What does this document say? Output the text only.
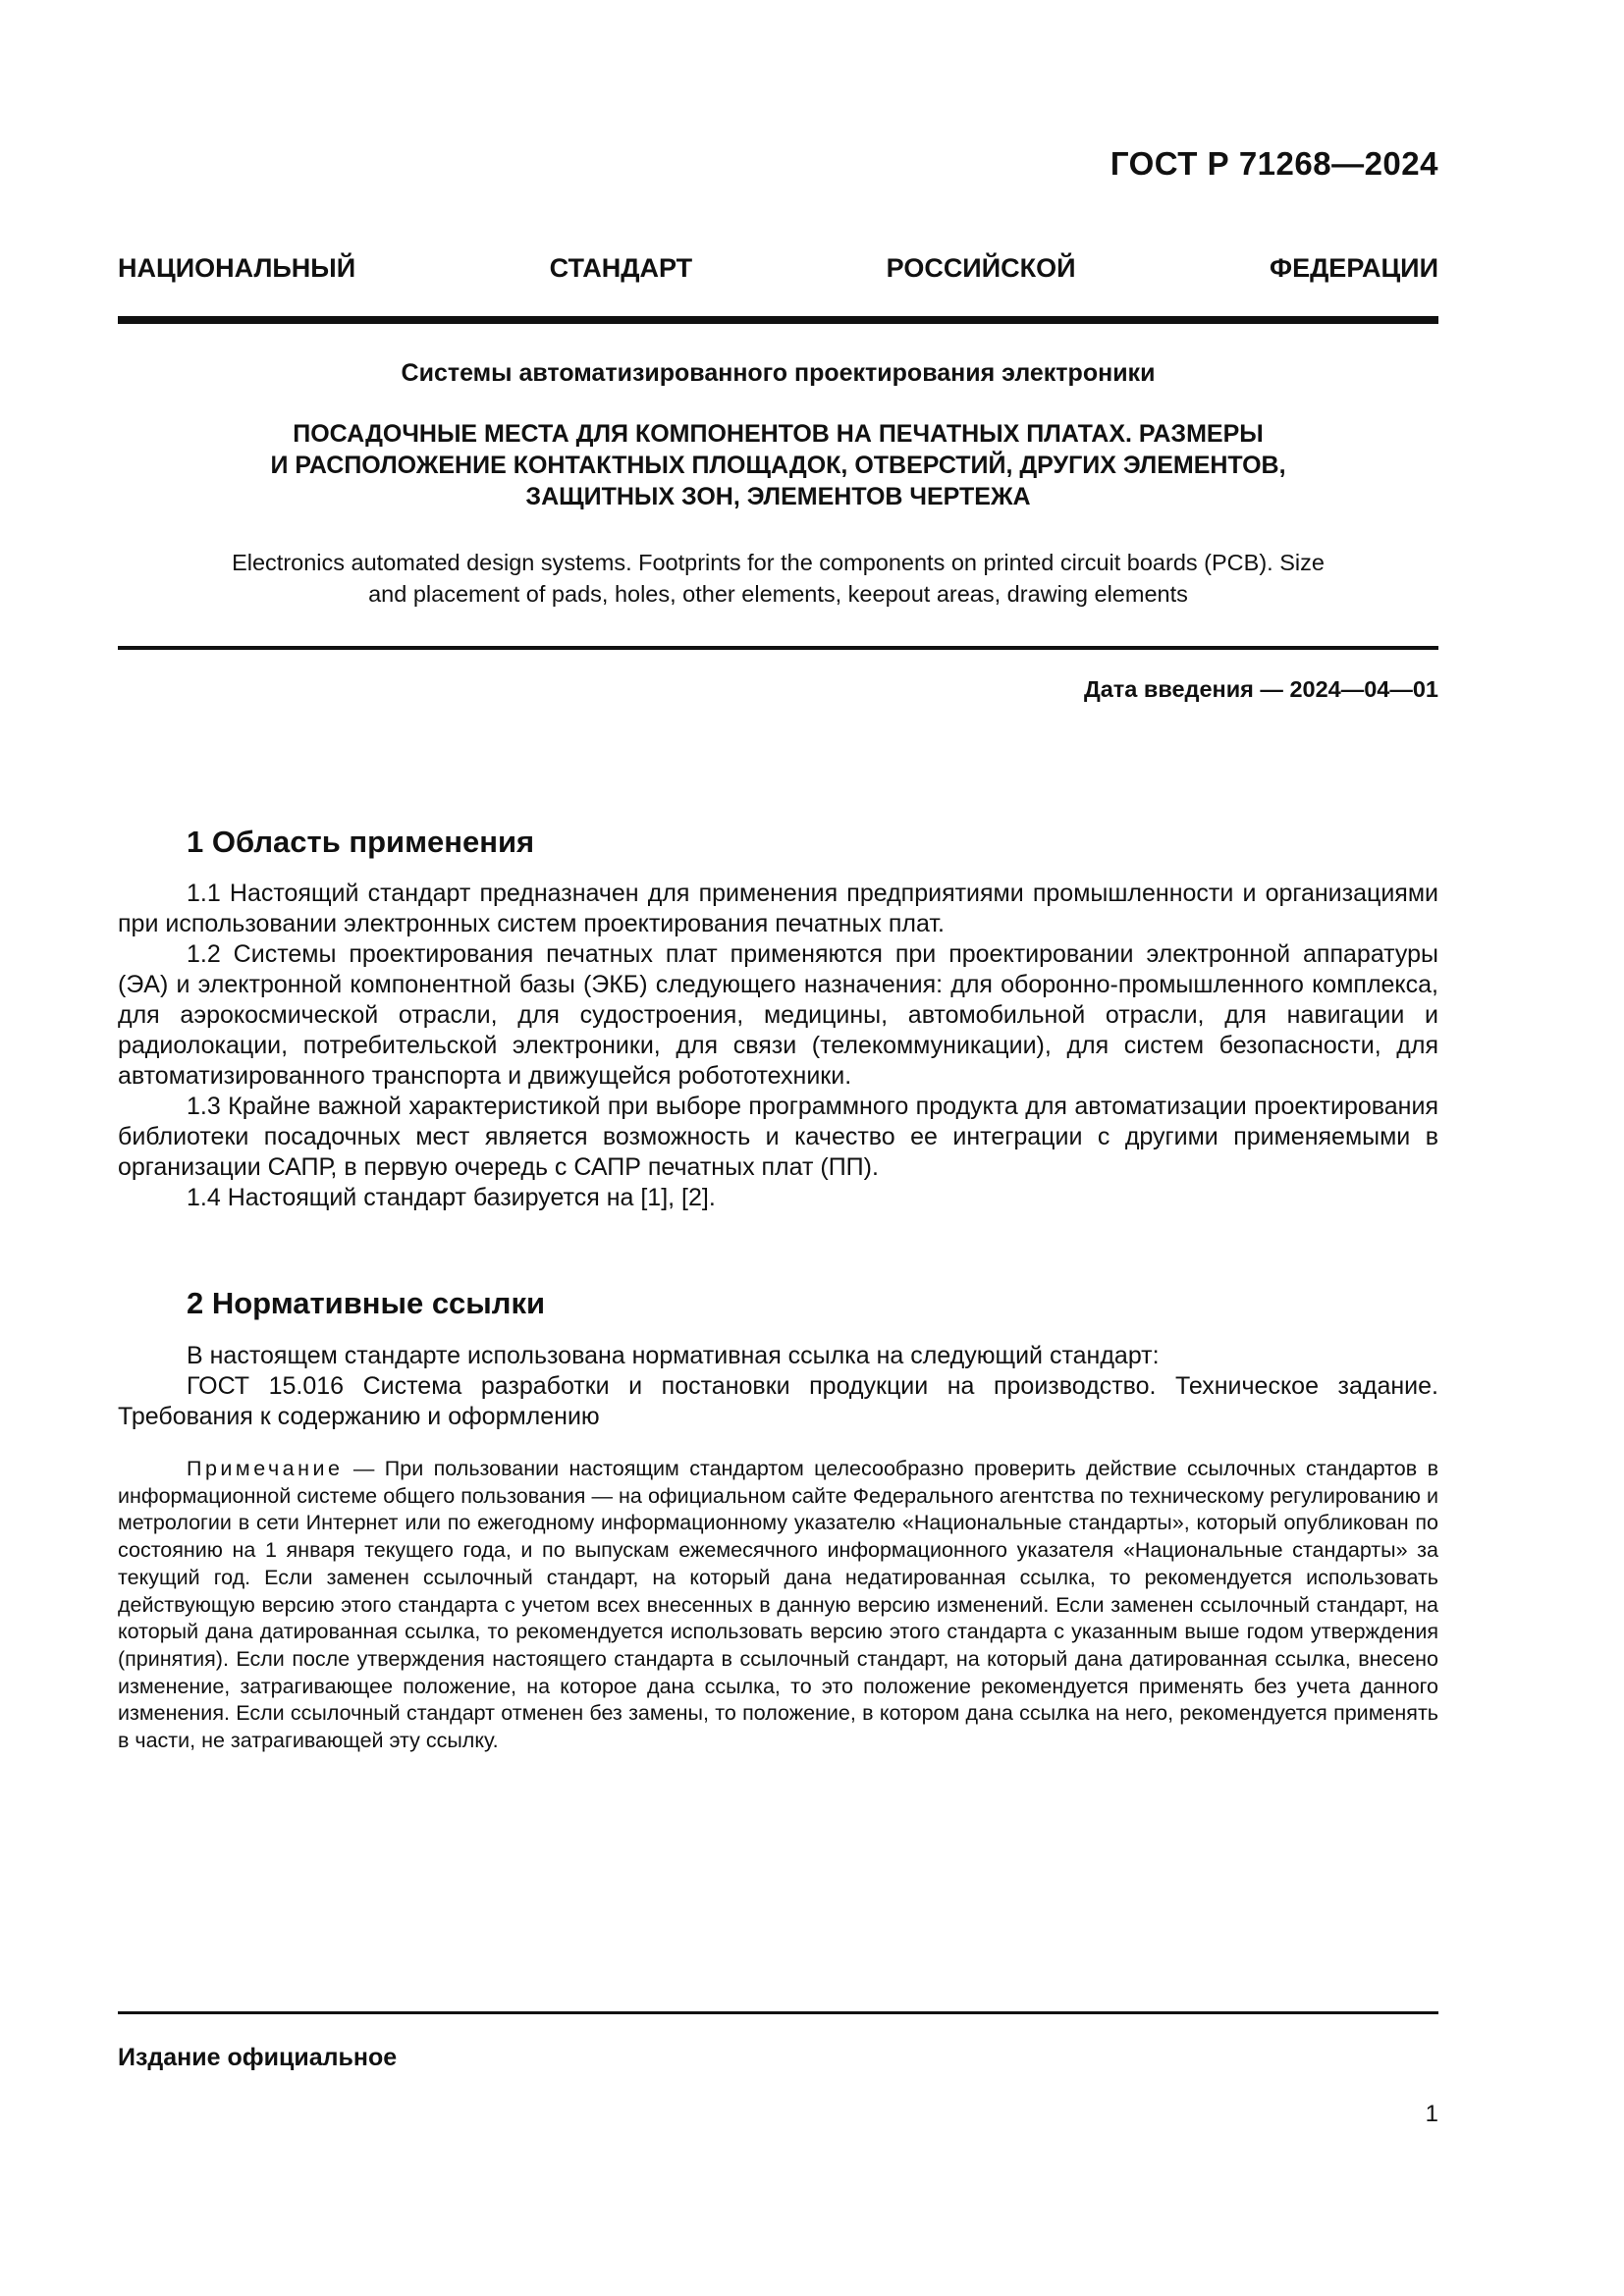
ГОСТ Р 71268—2024
НАЦИОНАЛЬНЫЙ СТАНДАРТ РОССИЙСКОЙ ФЕДЕРАЦИИ
Системы автоматизированного проектирования электроники
ПОСАДОЧНЫЕ МЕСТА ДЛЯ КОМПОНЕНТОВ НА ПЕЧАТНЫХ ПЛАТАХ. РАЗМЕРЫ
И РАСПОЛОЖЕНИЕ КОНТАКТНЫХ ПЛОЩАДОК, ОТВЕРСТИЙ, ДРУГИХ ЭЛЕМЕНТОВ,
ЗАЩИТНЫХ ЗОН, ЭЛЕМЕНТОВ ЧЕРТЕЖА
Electronics automated design systems. Footprints for the components on printed circuit boards (PCB). Size
and placement of pads, holes, other elements, keepout areas, drawing elements
Дата введения — 2024—04—01
1 Область применения

1.1 Настоящий стандарт предназначен для применения предприятиями промышленности и организациями при использовании электронных систем проектирования печатных плат.

1.2 Системы проектирования печатных плат применяются при проектировании электронной аппаратуры (ЭА) и электронной компонентной базы (ЭКБ) следующего назначения: для оборонно-промышленного комплекса, для аэрокосмической отрасли, для судостроения, медицины, автомобильной отрасли, для навигации и радиолокации, потребительской электроники, для связи (телекоммуникации), для систем безопасности, для автоматизированного транспорта и движущейся робототехники.

1.3 Крайне важной характеристикой при выборе программного продукта для автоматизации проектирования библиотеки посадочных мест является возможность и качество ее интеграции с другими применяемыми в организации САПР, в первую очередь с САПР печатных плат (ПП).

1.4 Настоящий стандарт базируется на [1], [2].

2 Нормативные ссылки

В настоящем стандарте использована нормативная ссылка на следующий стандарт:

ГОСТ 15.016 Система разработки и постановки продукции на производство. Техническое задание. Требования к содержанию и оформлению

Примечание — При пользовании настоящим стандартом целесообразно проверить действие ссылочных стандартов в информационной системе общего пользования — на официальном сайте Федерального агентства по техническому регулированию и метрологии в сети Интернет или по ежегодному информационному указателю «Национальные стандарты», который опубликован по состоянию на 1 января текущего года, и по выпускам ежемесячного информационного указателя «Национальные стандарты» за текущий год. Если заменен ссылочный стандарт, на который дана недатированная ссылка, то рекомендуется использовать действующую версию этого стандарта с учетом всех внесенных в данную версию изменений. Если заменен ссылочный стандарт, на который дана датированная ссылка, то рекомендуется использовать версию этого стандарта с указанным выше годом утверждения (принятия). Если после утверждения настоящего стандарта в ссылочный стандарт, на который дана датированная ссылка, внесено изменение, затрагивающее положение, на которое дана ссылка, то это положение рекомендуется применять без учета данного изменения. Если ссылочный стандарт отменен без замены, то положение, в котором дана ссылка на него, рекомендуется применять в части, не затрагивающей эту ссылку.

Издание официальное
1
